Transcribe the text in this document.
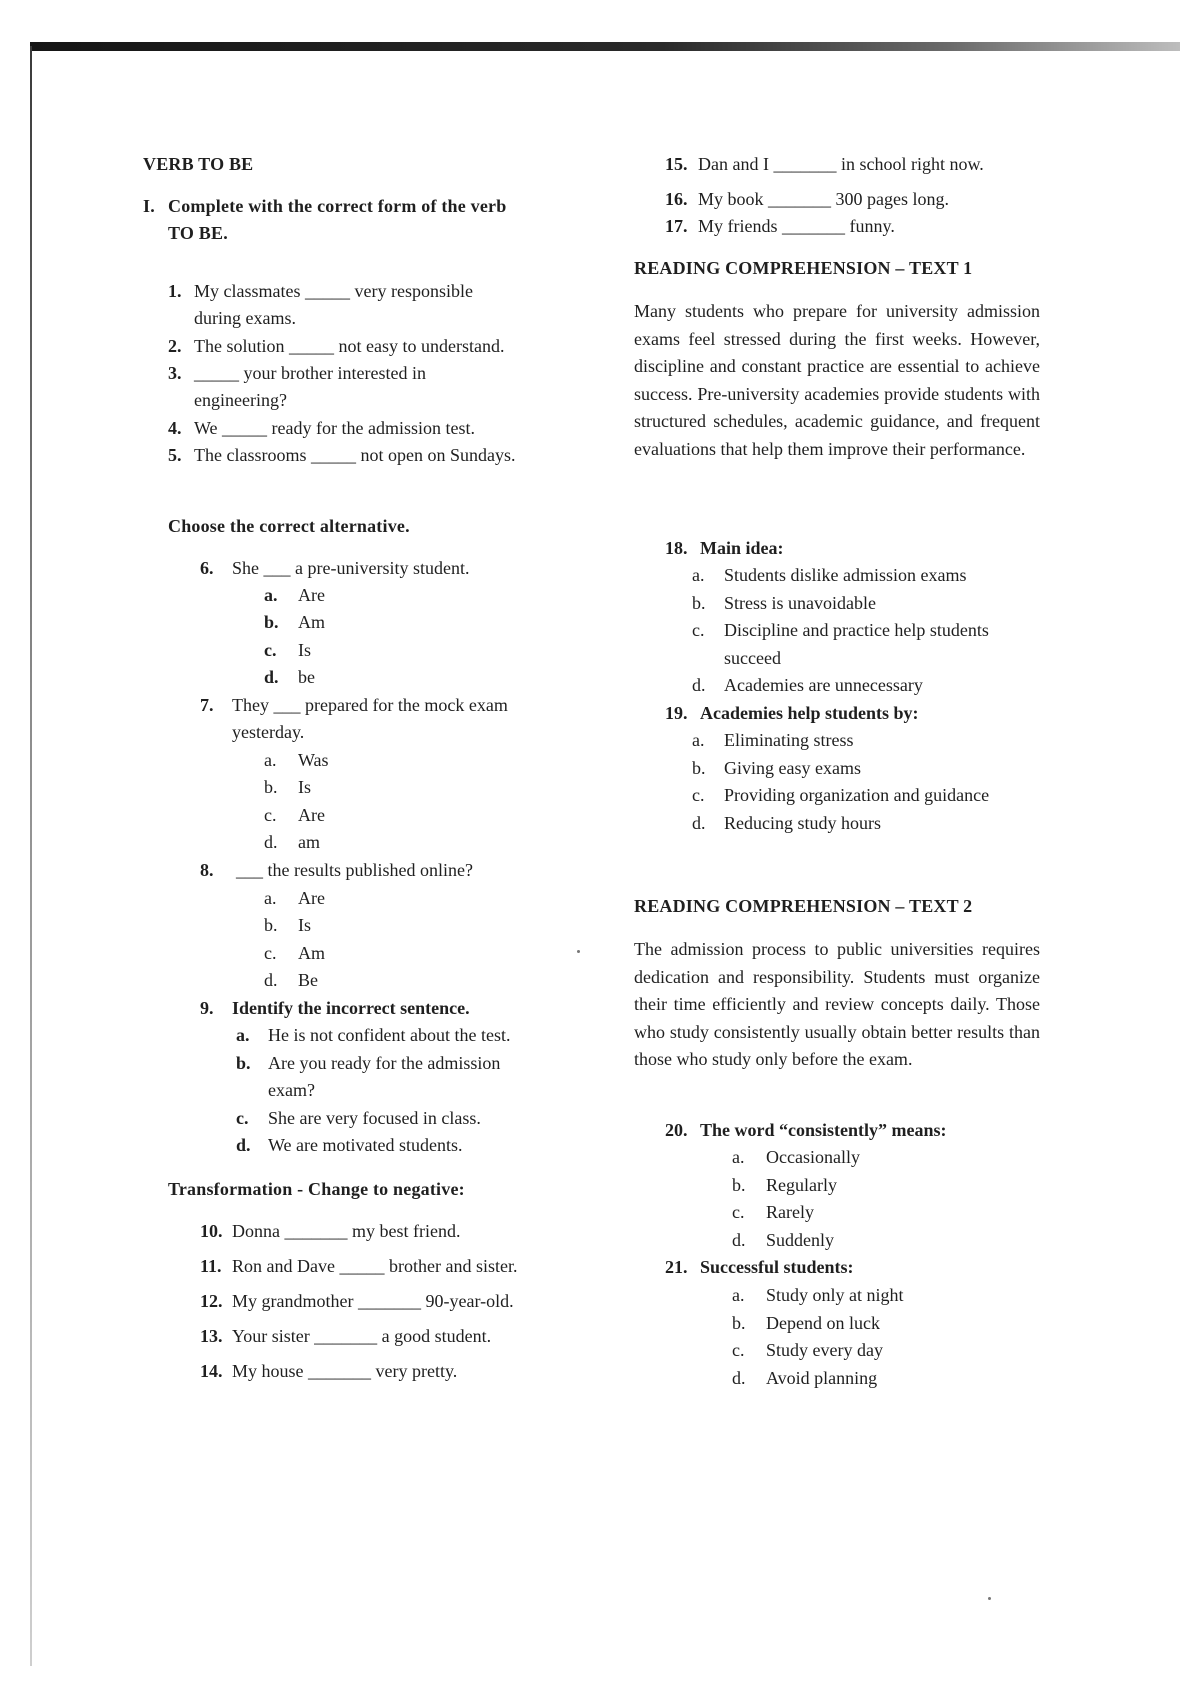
VERB TO BE
I. Complete with the correct form of the verb
TO BE.
1. My classmates _____ very responsible
during exams.
2. The solution _____ not easy to understand.
3. _____ your brother interested in
engineering?
4. We _____ ready for the admission test.
5. The classrooms _____ not open on Sundays.
Choose the correct alternative.
6. She ___ a pre-university student.
a. Are
b. Am
c. Is
d. be
7. They ___ prepared for the mock exam
yesterday.
a. Was
b. Is
c. Are
d. am
8. ___ the results published online?
a. Are
b. Is
c. Am
d. Be
9. Identify the incorrect sentence.
a. He is not confident about the test.
b. Are you ready for the admission
exam?
c. She are very focused in class.
d. We are motivated students.
Transformation - Change to negative:
10. Donna _______ my best friend.
11. Ron and Dave _____ brother and sister.
12. My grandmother _______ 90-year-old.
13. Your sister _______ a good student.
14. My house _______ very pretty.
15. Dan and I _______ in school right now.
16. My book _______ 300 pages long.
17. My friends _______ funny.
READING COMPREHENSION – TEXT 1
Many students who prepare for university admission exams feel stressed during the first weeks. However, discipline and constant practice are essential to achieve success. Pre-university academies provide students with structured schedules, academic guidance, and frequent evaluations that help them improve their performance.
18. Main idea:
a. Students dislike admission exams
b. Stress is unavoidable
c. Discipline and practice help students
succeed
d. Academies are unnecessary
19. Academies help students by:
a. Eliminating stress
b. Giving easy exams
c. Providing organization and guidance
d. Reducing study hours
READING COMPREHENSION – TEXT 2
The admission process to public universities requires dedication and responsibility. Students must organize their time efficiently and review concepts daily. Those who study consistently usually obtain better results than those who study only before the exam.
20. The word “consistently” means:
a. Occasionally
b. Regularly
c. Rarely
d. Suddenly
21. Successful students:
a. Study only at night
b. Depend on luck
c. Study every day
d. Avoid planning
